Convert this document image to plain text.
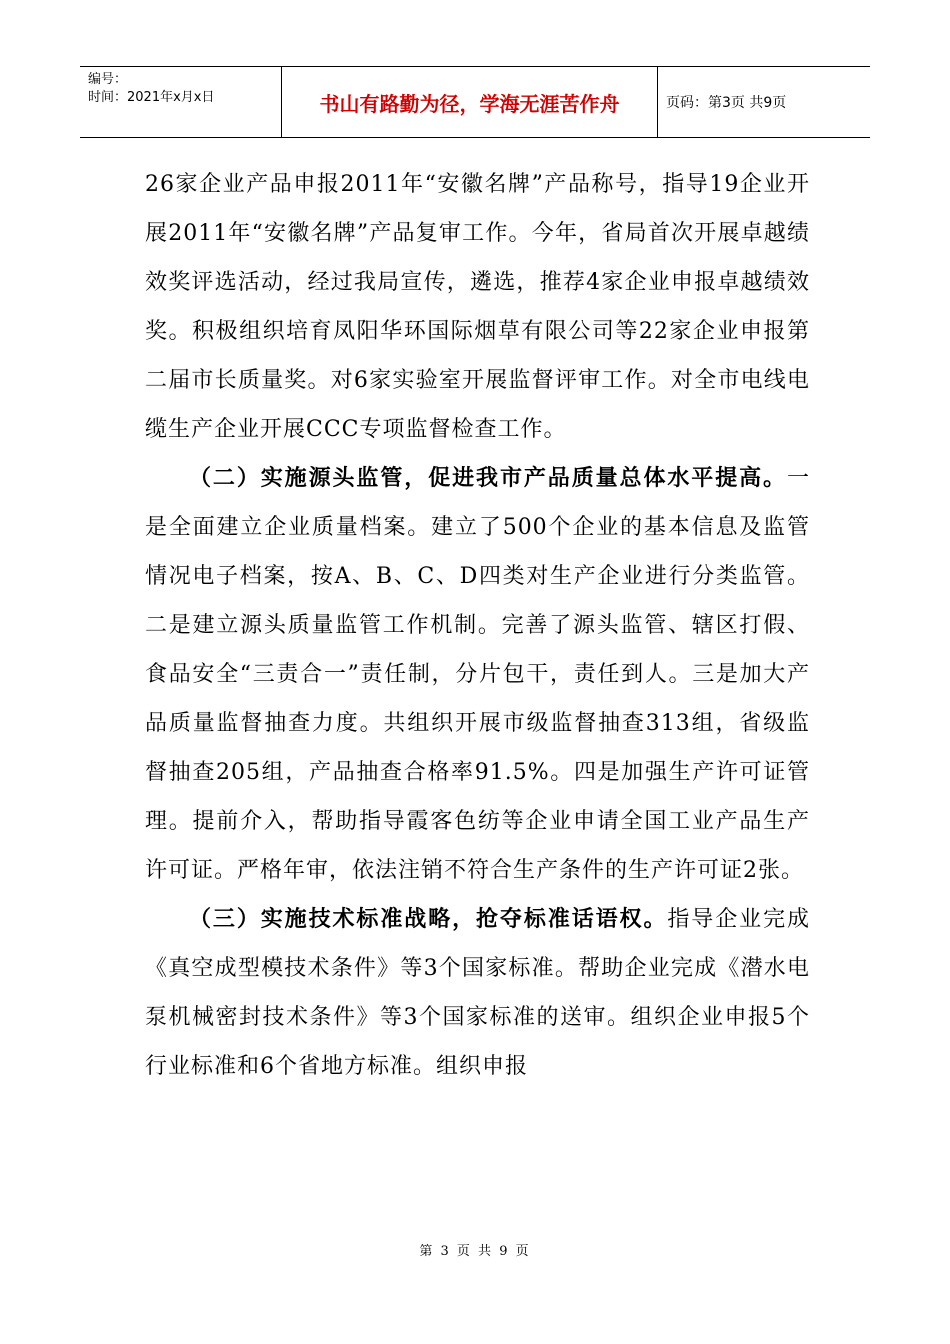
编号：
时间：2021年x月x日	书山有路勤为径，学海无涯苦作舟	页码：第3页 共9页

26家企业产品申报2011年“安徽名牌”产品称号，指导19企业开展2011年“安徽名牌”产品复审工作。今年，省局首次开展卓越绩效奖评选活动，经过我局宣传，遴选，推荐4家企业申报卓越绩效奖。积极组织培育凤阳华环国际烟草有限公司等22家企业申报第二届市长质量奖。对6家实验室开展监督评审工作。对全市电线电缆生产企业开展CCC专项监督检查工作。

（二）实施源头监管，促进我市产品质量总体水平提高。一是全面建立企业质量档案。建立了500个企业的基本信息及监管情况电子档案，按A、B、C、D四类对生产企业进行分类监管。二是建立源头质量监管工作机制。完善了源头监管、辖区打假、食品安全“三责合一”责任制，分片包干，责任到人。三是加大产品质量监督抽查力度。共组织开展市级监督抽查313组，省级监督抽查205组，产品抽查合格率91.5%。四是加强生产许可证管理。提前介入，帮助指导霞客色纺等企业申请全国工业产品生产许可证。严格年审，依法注销不符合生产条件的生产许可证2张。

（三）实施技术标准战略，抢夺标准话语权。指导企业完成《真空成型模技术条件》等3个国家标准。帮助企业完成《潜水电泵机械密封技术条件》等3个国家标准的送审。组织企业申报5个行业标准和6个省地方标准。组织申报

第 3 页 共 9 页
